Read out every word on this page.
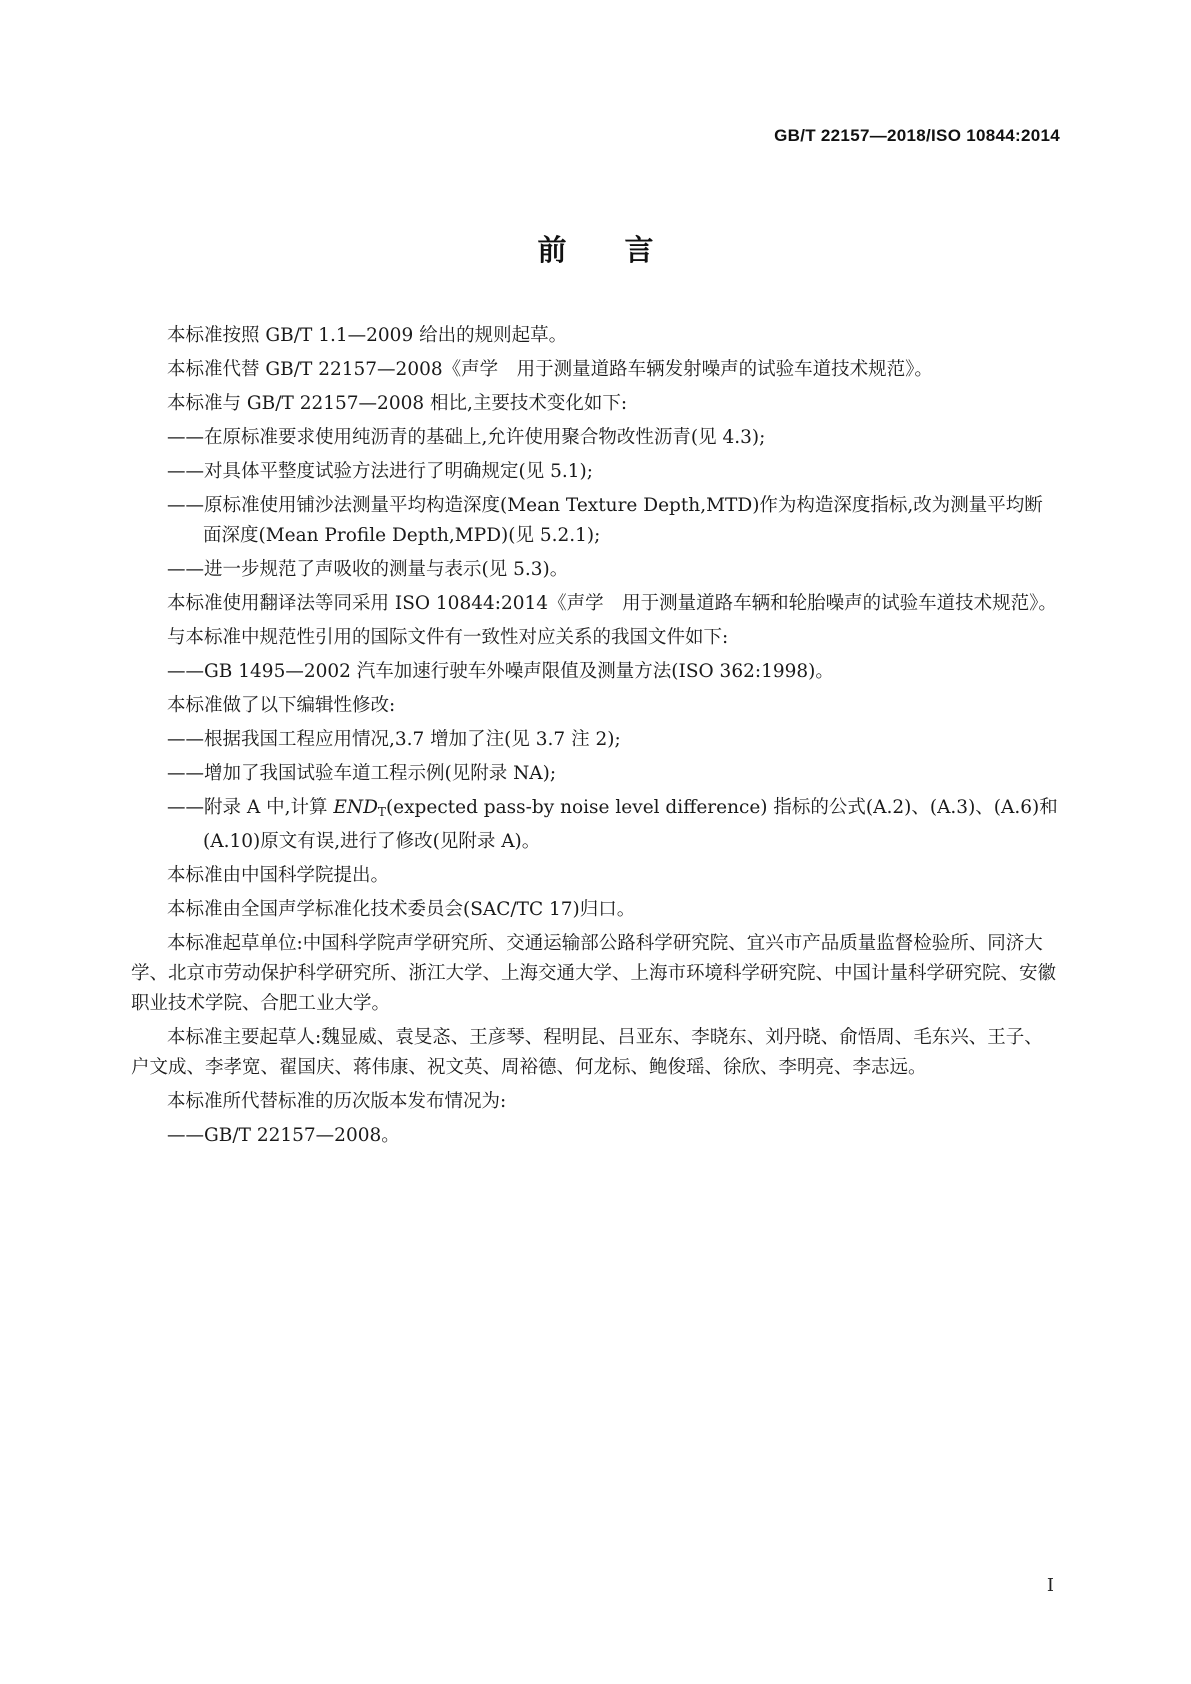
GB/T 22157—2018/ISO 10844:2014
前 言
本标准按照 GB/T 1.1—2009 给出的规则起草。
本标准代替 GB/T 22157—2008《声学　用于测量道路车辆发射噪声的试验车道技术规范》。
本标准与 GB/T 22157—2008 相比,主要技术变化如下:
——在原标准要求使用纯沥青的基础上,允许使用聚合物改性沥青(见 4.3);
——对具体平整度试验方法进行了明确规定(见 5.1);
——原标准使用铺沙法测量平均构造深度(Mean Texture Depth,MTD)作为构造深度指标,改为测量平均断面深度(Mean Profile Depth,MPD)(见 5.2.1);
——进一步规范了声吸收的测量与表示(见 5.3)。
本标准使用翻译法等同采用 ISO 10844:2014《声学　用于测量道路车辆和轮胎噪声的试验车道技术规范》。
与本标准中规范性引用的国际文件有一致性对应关系的我国文件如下:
——GB 1495—2002 汽车加速行驶车外噪声限值及测量方法(ISO 362:1998)。
本标准做了以下编辑性修改:
——根据我国工程应用情况,3.7 增加了注(见 3.7 注 2);
——增加了我国试验车道工程示例(见附录 NA);
——附录 A 中,计算 $END_T(expected$ pass-by noise level difference) 指标的公式(A.2)、(A.3)、(A.6)和(A.10)原文有误,进行了修改(见附录 A)。
本标准由中国科学院提出。
本标准由全国声学标准化技术委员会(SAC/TC 17)归口。
本标准起草单位:中国科学院声学研究所、交通运输部公路科学研究院、宜兴市产品质量监督检验所、同济大学、北京市劳动保护科学研究所、浙江大学、上海交通大学、上海市环境科学研究院、中国计量科学研究院、安徽职业技术学院、合肥工业大学。
本标准主要起草人:魏显威、袁旻忞、王彦琴、程明昆、吕亚东、李晓东、刘丹晓、俞悟周、毛东兴、王子、户文成、李孝宽、翟国庆、蒋伟康、祝文英、周裕德、何龙标、鲍俊瑶、徐欣、李明亮、李志远。
本标准所代替标准的历次版本发布情况为:
——GB/T 22157—2008。
I
